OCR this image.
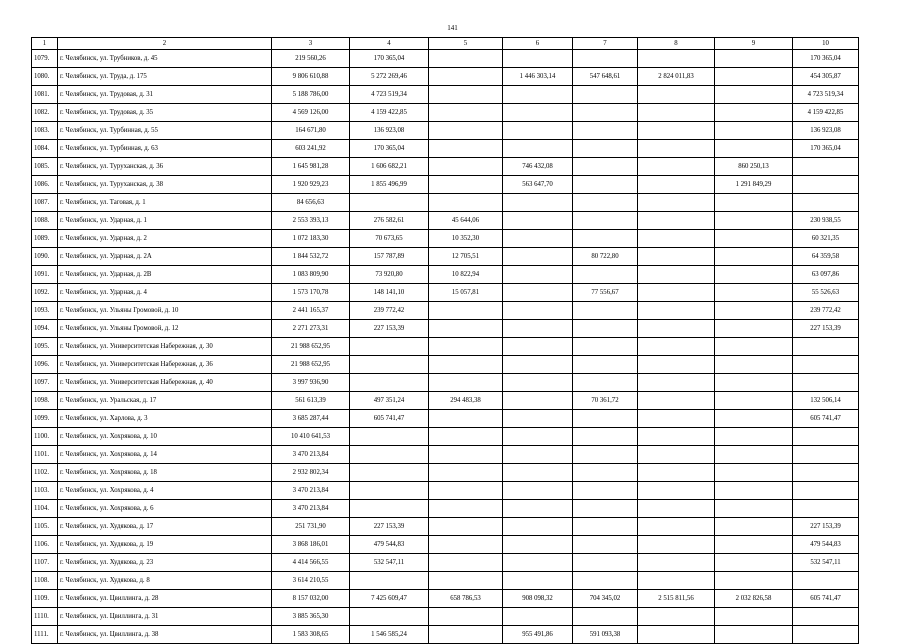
141
1	2	3	4	5	6	7	8	9	10
1079.	г. Челябинск, ул. Трубников, д. 45	219 560,26	170 365,04						170 365,04
1080.	г. Челябинск, ул. Труда, д. 175	9 806 610,88	5 272 269,46		1 446 303,14	547 648,61	2 824 011,83		454 305,87
1081.	г. Челябинск, ул. Трудовая, д. 31	5 188 786,00	4 723 519,34						4 723 519,34
1082.	г. Челябинск, ул. Трудовая, д. 35	4 569 126,00	4 159 422,85						4 159 422,85
1083.	г. Челябинск, ул. Турбинная, д. 55	164 671,80	136 923,08						136 923,08
1084.	г. Челябинск, ул. Турбинная, д. 63	603 241,92	170 365,04						170 365,04
1085.	г. Челябинск, ул. Туруханская, д. 36	1 645 981,28	1 606 682,21		746 432,08			860 250,13	
1086.	г. Челябинск, ул. Туруханская, д. 38	1 920 929,23	1 855 496,99		563 647,70			1 291 849,29	
1087.	г. Челябинск, ул. Таговая, д. 1	84 656,63							
1088.	г. Челябинск, ул. Ударная, д. 1	2 553 393,13	276 582,61	45 644,06					230 938,55
1089.	г. Челябинск, ул. Ударная, д. 2	1 072 183,30	70 673,65	10 352,30					60 321,35
1090.	г. Челябинск, ул. Ударная, д. 2А	1 844 532,72	157 787,89	12 705,51		80 722,80			64 359,58
1091.	г. Челябинск, ул. Ударная, д. 2В	1 083 809,90	73 920,80	10 822,94					63 097,86
1092.	г. Челябинск, ул. Ударная, д. 4	1 573 170,78	148 141,10	15 057,81		77 556,67			55 526,63
1093.	г. Челябинск, ул. Ульяны Громовой, д. 10	2 441 165,37	239 772,42						239 772,42
1094.	г. Челябинск, ул. Ульяны Громовой, д. 12	2 271 273,31	227 153,39						227 153,39
1095.	г. Челябинск, ул. Университетская Набережная, д. 30	21 988 652,95							
1096.	г. Челябинск, ул. Университетская Набережная, д. 36	21 988 652,95							
1097.	г. Челябинск, ул. Университетская Набережная, д. 40	3 997 936,90							
1098.	г. Челябинск, ул. Уральская, д. 17	561 613,39	497 351,24	294 483,38		70 361,72			132 506,14
1099.	г. Челябинск, ул. Харлова, д. 3	3 685 287,44	605 741,47						605 741,47
1100.	г. Челябинск, ул. Хохрякова, д. 10	10 410 641,53							
1101.	г. Челябинск, ул. Хохрякова, д. 14	3 470 213,84							
1102.	г. Челябинск, ул. Хохрякова, д. 18	2 932 802,34							
1103.	г. Челябинск, ул. Хохрякова, д. 4	3 470 213,84							
1104.	г. Челябинск, ул. Хохрякова, д. 6	3 470 213,84							
1105.	г. Челябинск, ул. Худякова, д. 17	251 731,90	227 153,39						227 153,39
1106.	г. Челябинск, ул. Худякова, д. 19	3 868 186,01	479 544,83						479 544,83
1107.	г. Челябинск, ул. Худякова, д. 23	4 414 566,55	532 547,11						532 547,11
1108.	г. Челябинск, ул. Худякова, д. 8	3 614 210,55							
1109.	г. Челябинск, ул. Цвиллинга, д. 28	8 157 032,00	7 425 609,47	658 786,53	908 098,32	704 345,02	2 515 811,56	2 032 826,58	605 741,47
1110.	г. Челябинск, ул. Цвиллинга, д. 31	3 885 365,30							
1111.	г. Челябинск, ул. Цвиллинга, д. 38	1 583 308,65	1 546 585,24		955 491,86	591 093,38			
